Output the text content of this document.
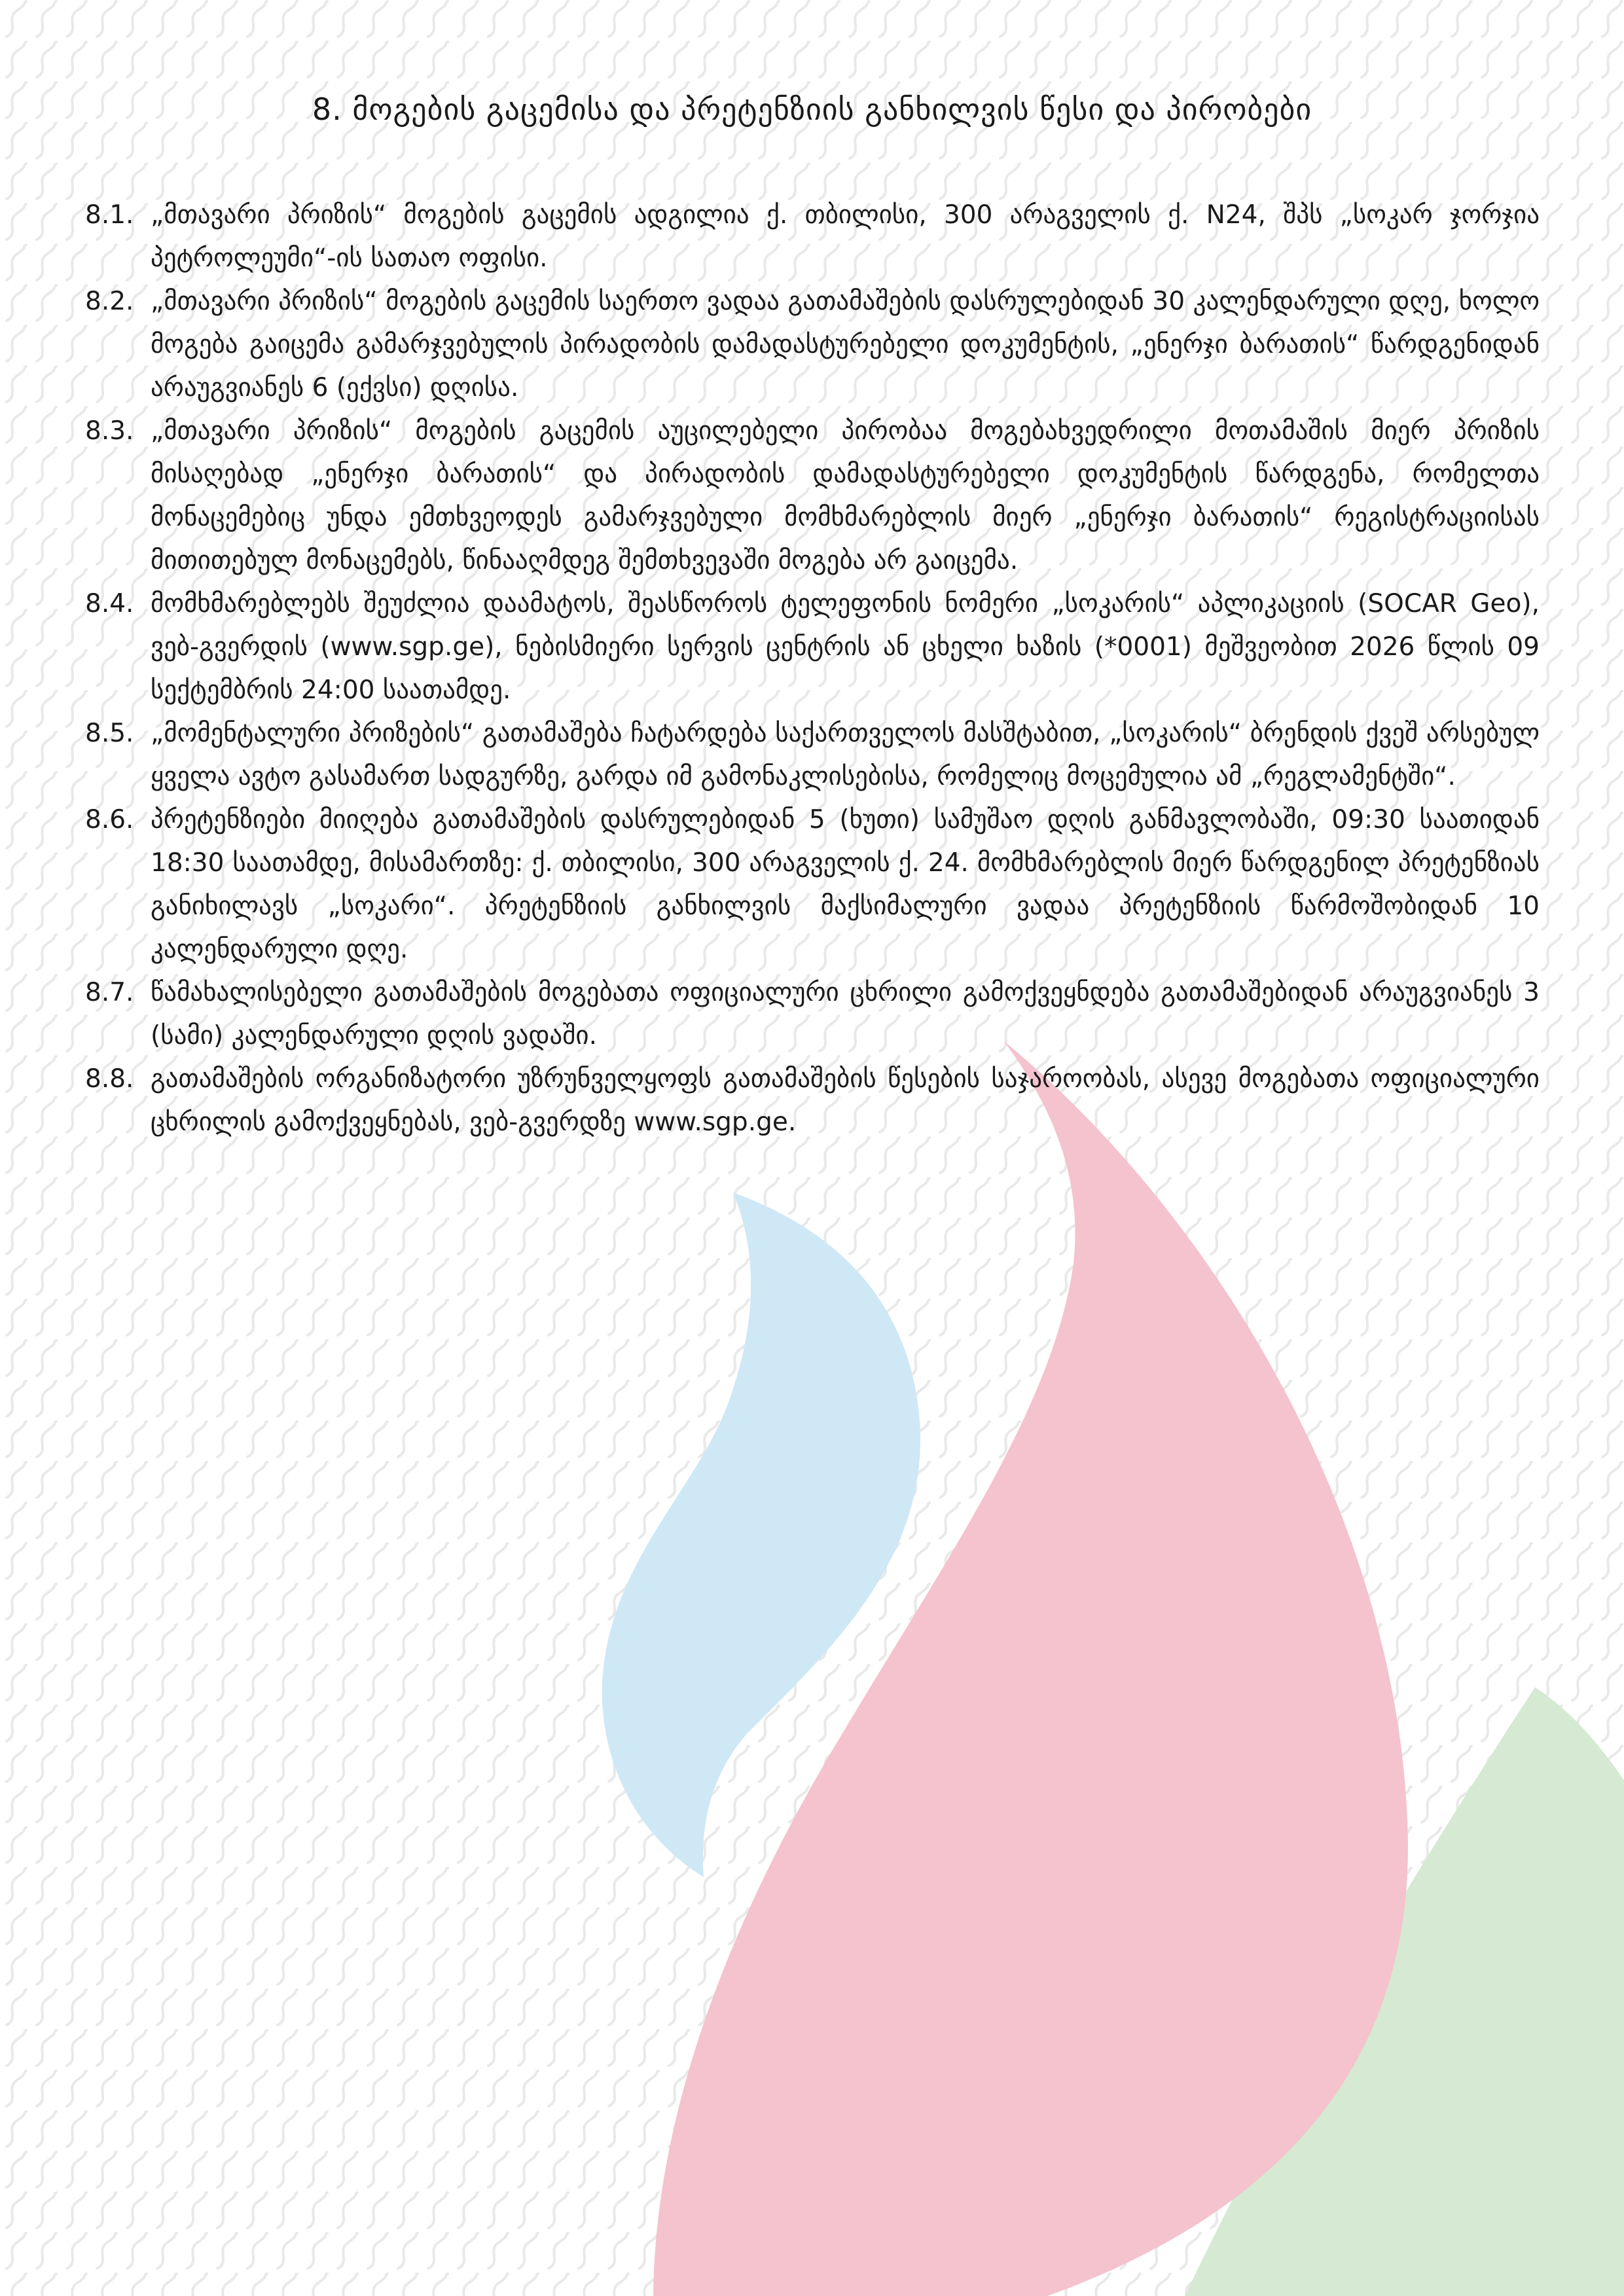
8. მოგების გაცემისა და პრეტენზიის განხილვის წესი და პირობები
8.1. „მთავარი პრიზის“ მოგების გაცემის ადგილია ქ. თბილისი, 300 არაგველის ქ. N24, შპს „სოკარ ჯორჯია პეტროლეუმი“-ის სათაო ოფისი.
8.2. „მთავარი პრიზის“ მოგების გაცემის საერთო ვადაა გათამაშების დასრულებიდან 30 კალენდარული დღე, ხოლო მოგება გაიცემა გამარჯვებულის პირადობის დამადასტურებელი დოკუმენტის, „ენერჯი ბარათის“ წარდგენიდან არაუგვიანეს 6 (ექვსი) დღისა.
8.3. „მთავარი პრიზის“ მოგების გაცემის აუცილებელი პირობაა მოგებახვედრილი მოთამაშის მიერ პრიზის მისაღებად „ენერჯი ბარათის“ და პირადობის დამადასტურებელი დოკუმენტის წარდგენა, რომელთა მონაცემებიც უნდა ემთხვეოდეს გამარჯვებული მომხმარებლის მიერ „ენერჯი ბარათის“ რეგისტრაციისას მითითებულ მონაცემებს, წინააღმდეგ შემთხვევაში მოგება არ გაიცემა.
8.4. მომხმარებლებს შეუძლია დაამატოს, შეასწოროს ტელეფონის ნომერი „სოკარის“ აპლიკაციის (SOCAR Geo), ვებ-გვერდის (www.sgp.ge), ნებისმიერი სერვის ცენტრის ან ცხელი ხაზის (*0001) მეშვეობით 2026 წლის 09 სექტემბრის 24:00 საათამდე.
8.5. „მომენტალური პრიზების“ გათამაშება ჩატარდება საქართველოს მასშტაბით, „სოკარის“ ბრენდის ქვეშ არსებულ ყველა ავტო გასამართ სადგურზე, გარდა იმ გამონაკლისებისა, რომელიც მოცემულია ამ „რეგლამენტში“.
8.6. პრეტენზიები მიიღება გათამაშების დასრულებიდან 5 (ხუთი) სამუშაო დღის განმავლობაში, 09:30 საათიდან 18:30 საათამდე, მისამართზე: ქ. თბილისი, 300 არაგველის ქ. 24. მომხმარებლის მიერ წარდგენილ პრეტენზიას განიხილავს „სოკარი“. პრეტენზიის განხილვის მაქსიმალური ვადაა პრეტენზიის წარმოშობიდან 10 კალენდარული დღე.
8.7. წამახალისებელი გათამაშების მოგებათა ოფიციალური ცხრილი გამოქვეყნდება გათამაშებიდან არაუგვიანეს 3 (სამი) კალენდარული დღის ვადაში.
8.8. გათამაშების ორგანიზატორი უზრუნველყოფს გათამაშების წესების საჯაროობას, ასევე მოგებათა ოფიციალური ცხრილის გამოქვეყნებას, ვებ-გვერდზე www.sgp.ge.
